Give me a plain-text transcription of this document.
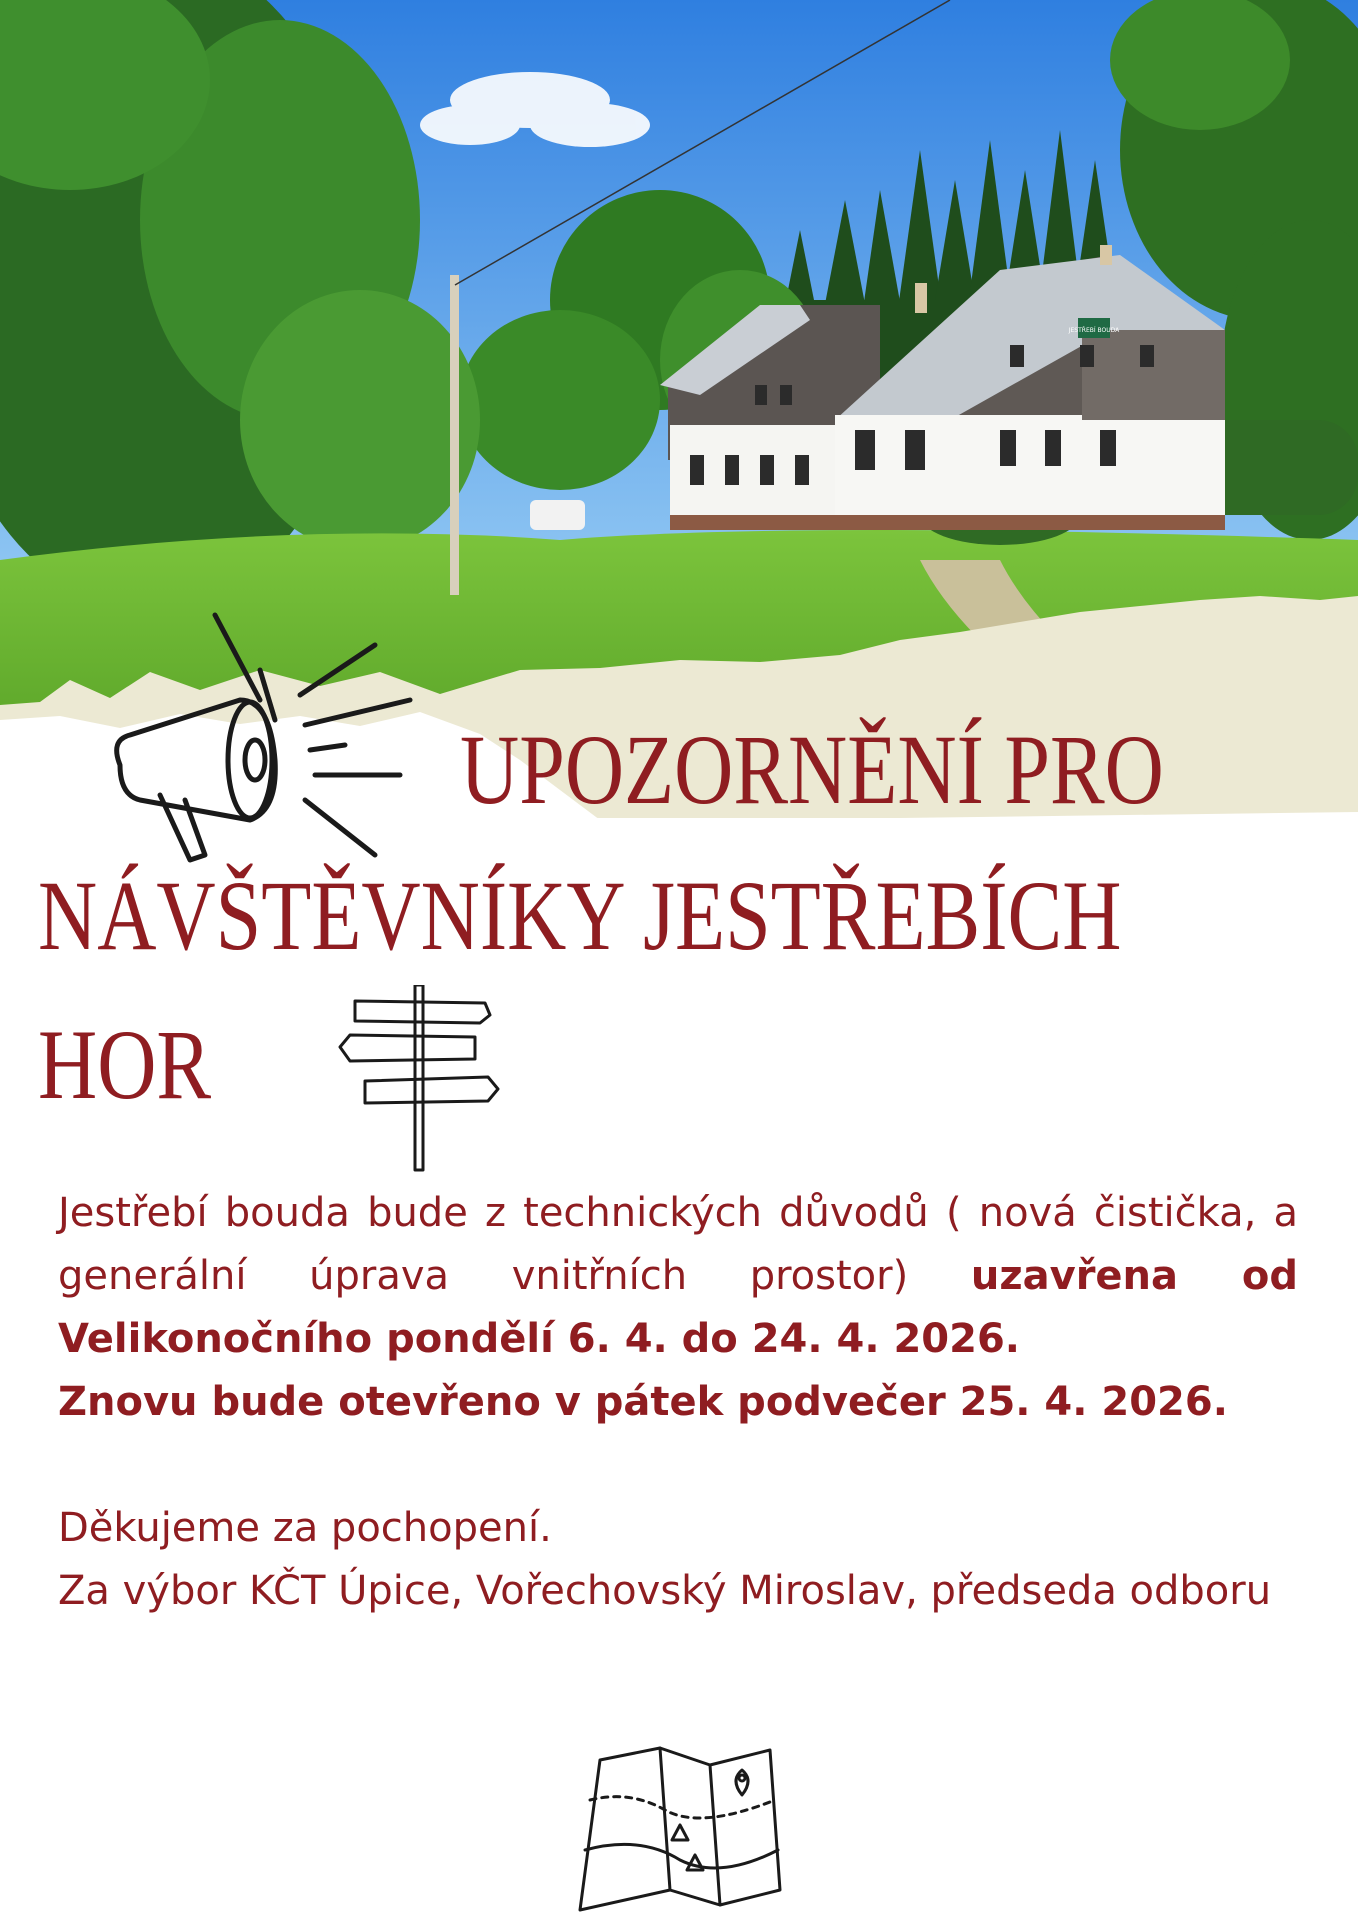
JESTŘEBÍ BOUDA
UPOZORNĚNÍ PRO
NÁVŠTĚVNÍKY JESTŘEBÍCH
HOR

Jestřebí bouda bude z technických důvodů ( nová čistička, a generální úprava vnitřních prostor) uzavřena od Velikonočního pondělí 6. 4. do 24. 4. 2026.

Znovu bude otevřeno v pátek podvečer 25. 4. 2026.

Děkujeme za pochopení.

Za výbor KČT Úpice, Vořechovský Miroslav, předseda odboru
